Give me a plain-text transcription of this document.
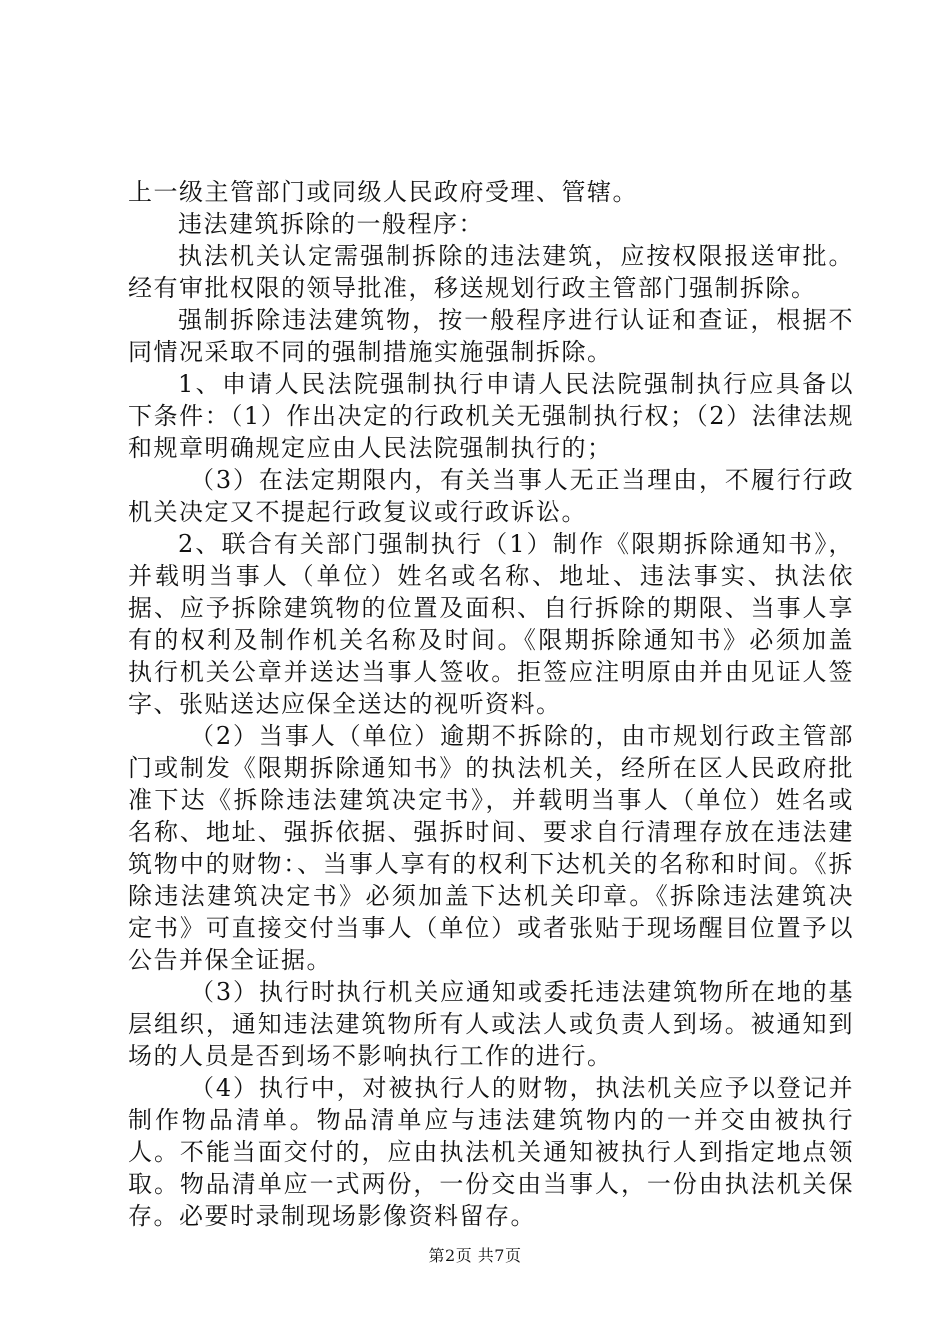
上一级主管部门或同级人民政府受理、管辖。

违法建筑拆除的一般程序：

执法机关认定需强制拆除的违法建筑，应按权限报送审批。经有审批权限的领导批准，移送规划行政主管部门强制拆除。

强制拆除违法建筑物，按一般程序进行认证和查证，根据不同情况采取不同的强制措施实施强制拆除。

1、申请人民法院强制执行申请人民法院强制执行应具备以下条件：（1）作出决定的行政机关无强制执行权；（2）法律法规和规章明确规定应由人民法院强制执行的；

（3）在法定期限内，有关当事人无正当理由，不履行行政机关决定又不提起行政复议或行政诉讼。

2、联合有关部门强制执行（1）制作《限期拆除通知书》，并载明当事人（单位）姓名或名称、地址、违法事实、执法依据、应予拆除建筑物的位置及面积、自行拆除的期限、当事人享有的权利及制作机关名称及时间。《限期拆除通知书》必须加盖执行机关公章并送达当事人签收。拒签应注明原由并由见证人签字、张贴送达应保全送达的视听资料。

（2）当事人（单位）逾期不拆除的，由市规划行政主管部门或制发《限期拆除通知书》的执法机关，经所在区人民政府批准下达《拆除违法建筑决定书》，并载明当事人（单位）姓名或名称、地址、强拆依据、强拆时间、要求自行清理存放在违法建筑物中的财物：、当事人享有的权利下达机关的名称和时间。《拆除违法建筑决定书》必须加盖下达机关印章。《拆除违法建筑决定书》可直接交付当事人（单位）或者张贴于现场醒目位置予以公告并保全证据。

（3）执行时执行机关应通知或委托违法建筑物所在地的基层组织，通知违法建筑物所有人或法人或负责人到场。被通知到场的人员是否到场不影响执行工作的进行。

（4）执行中，对被执行人的财物，执法机关应予以登记并制作物品清单。物品清单应与违法建筑物内的一并交由被执行人。不能当面交付的，应由执法机关通知被执行人到指定地点领取。物品清单应一式两份，一份交由当事人，一份由执法机关保存。必要时录制现场影像资料留存。

第2页 共7页
